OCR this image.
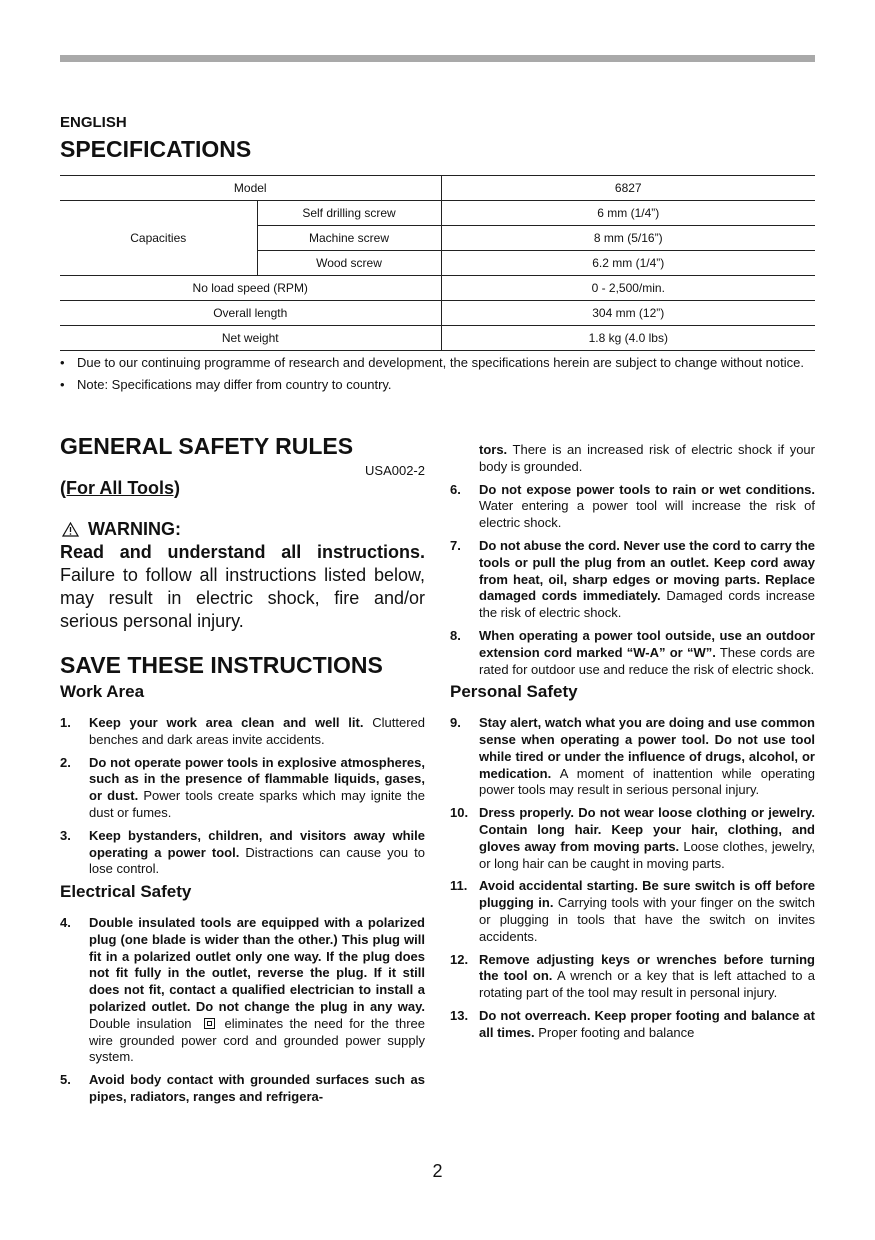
ENGLISH
SPECIFICATIONS
Model		6827
Capacities	Self drilling screw	6 mm (1/4”)
	Machine screw	8 mm (5/16”)
	Wood screw	6.2 mm (1/4”)
No load speed (RPM)		0 - 2,500/min.
Overall length		304 mm (12”)
Net weight		1.8 kg (4.0 lbs)
• Due to our continuing programme of research and development, the specifications herein are subject to change without notice.
• Note: Specifications may differ from country to country.
GENERAL SAFETY RULES
USA002-2
(For All Tools)
WARNING:
Read and understand all instructions.
Failure to follow all instructions listed below, may result in electric shock, fire and/or serious personal injury.
SAVE THESE INSTRUCTIONS
Work Area
1. Keep your work area clean and well lit. Cluttered benches and dark areas invite accidents.
2. Do not operate power tools in explosive atmospheres, such as in the presence of flammable liquids, gases, or dust. Power tools create sparks which may ignite the dust or fumes.
3. Keep bystanders, children, and visitors away while operating a power tool. Distractions can cause you to lose control.
Electrical Safety
4. Double insulated tools are equipped with a polarized plug (one blade is wider than the other.) This plug will fit in a polarized outlet only one way. If the plug does not fit fully in the outlet, reverse the plug. If it still does not fit, contact a qualified electrician to install a polarized outlet. Do not change the plug in any way. Double insulation	eliminates the need for the three wire grounded power cord and grounded power supply system.
5. Avoid body contact with grounded surfaces such as pipes, radiators, ranges and refrigera-
tors. There is an increased risk of electric shock if your body is grounded.
6. Do not expose power tools to rain or wet conditions. Water entering a power tool will increase the risk of electric shock.
7. Do not abuse the cord. Never use the cord to carry the tools or pull the plug from an outlet. Keep cord away from heat, oil, sharp edges or moving parts. Replace damaged cords immediately. Damaged cords increase the risk of electric shock.
8. When operating a power tool outside, use an outdoor extension cord marked “W-A” or “W”. These cords are rated for outdoor use and reduce the risk of electric shock.
Personal Safety
9. Stay alert, watch what you are doing and use common sense when operating a power tool. Do not use tool while tired or under the influence of drugs, alcohol, or medication. A moment of inattention while operating power tools may result in serious personal injury.
10. Dress properly. Do not wear loose clothing or jewelry. Contain long hair. Keep your hair, clothing, and gloves away from moving parts. Loose clothes, jewelry, or long hair can be caught in moving parts.
11. Avoid accidental starting. Be sure switch is off before plugging in. Carrying tools with your finger on the switch or plugging in tools that have the switch on invites accidents.
12. Remove adjusting keys or wrenches before turning the tool on. A wrench or a key that is left attached to a rotating part of the tool may result in personal injury.
13. Do not overreach. Keep proper footing and balance at all times. Proper footing and balance
2
